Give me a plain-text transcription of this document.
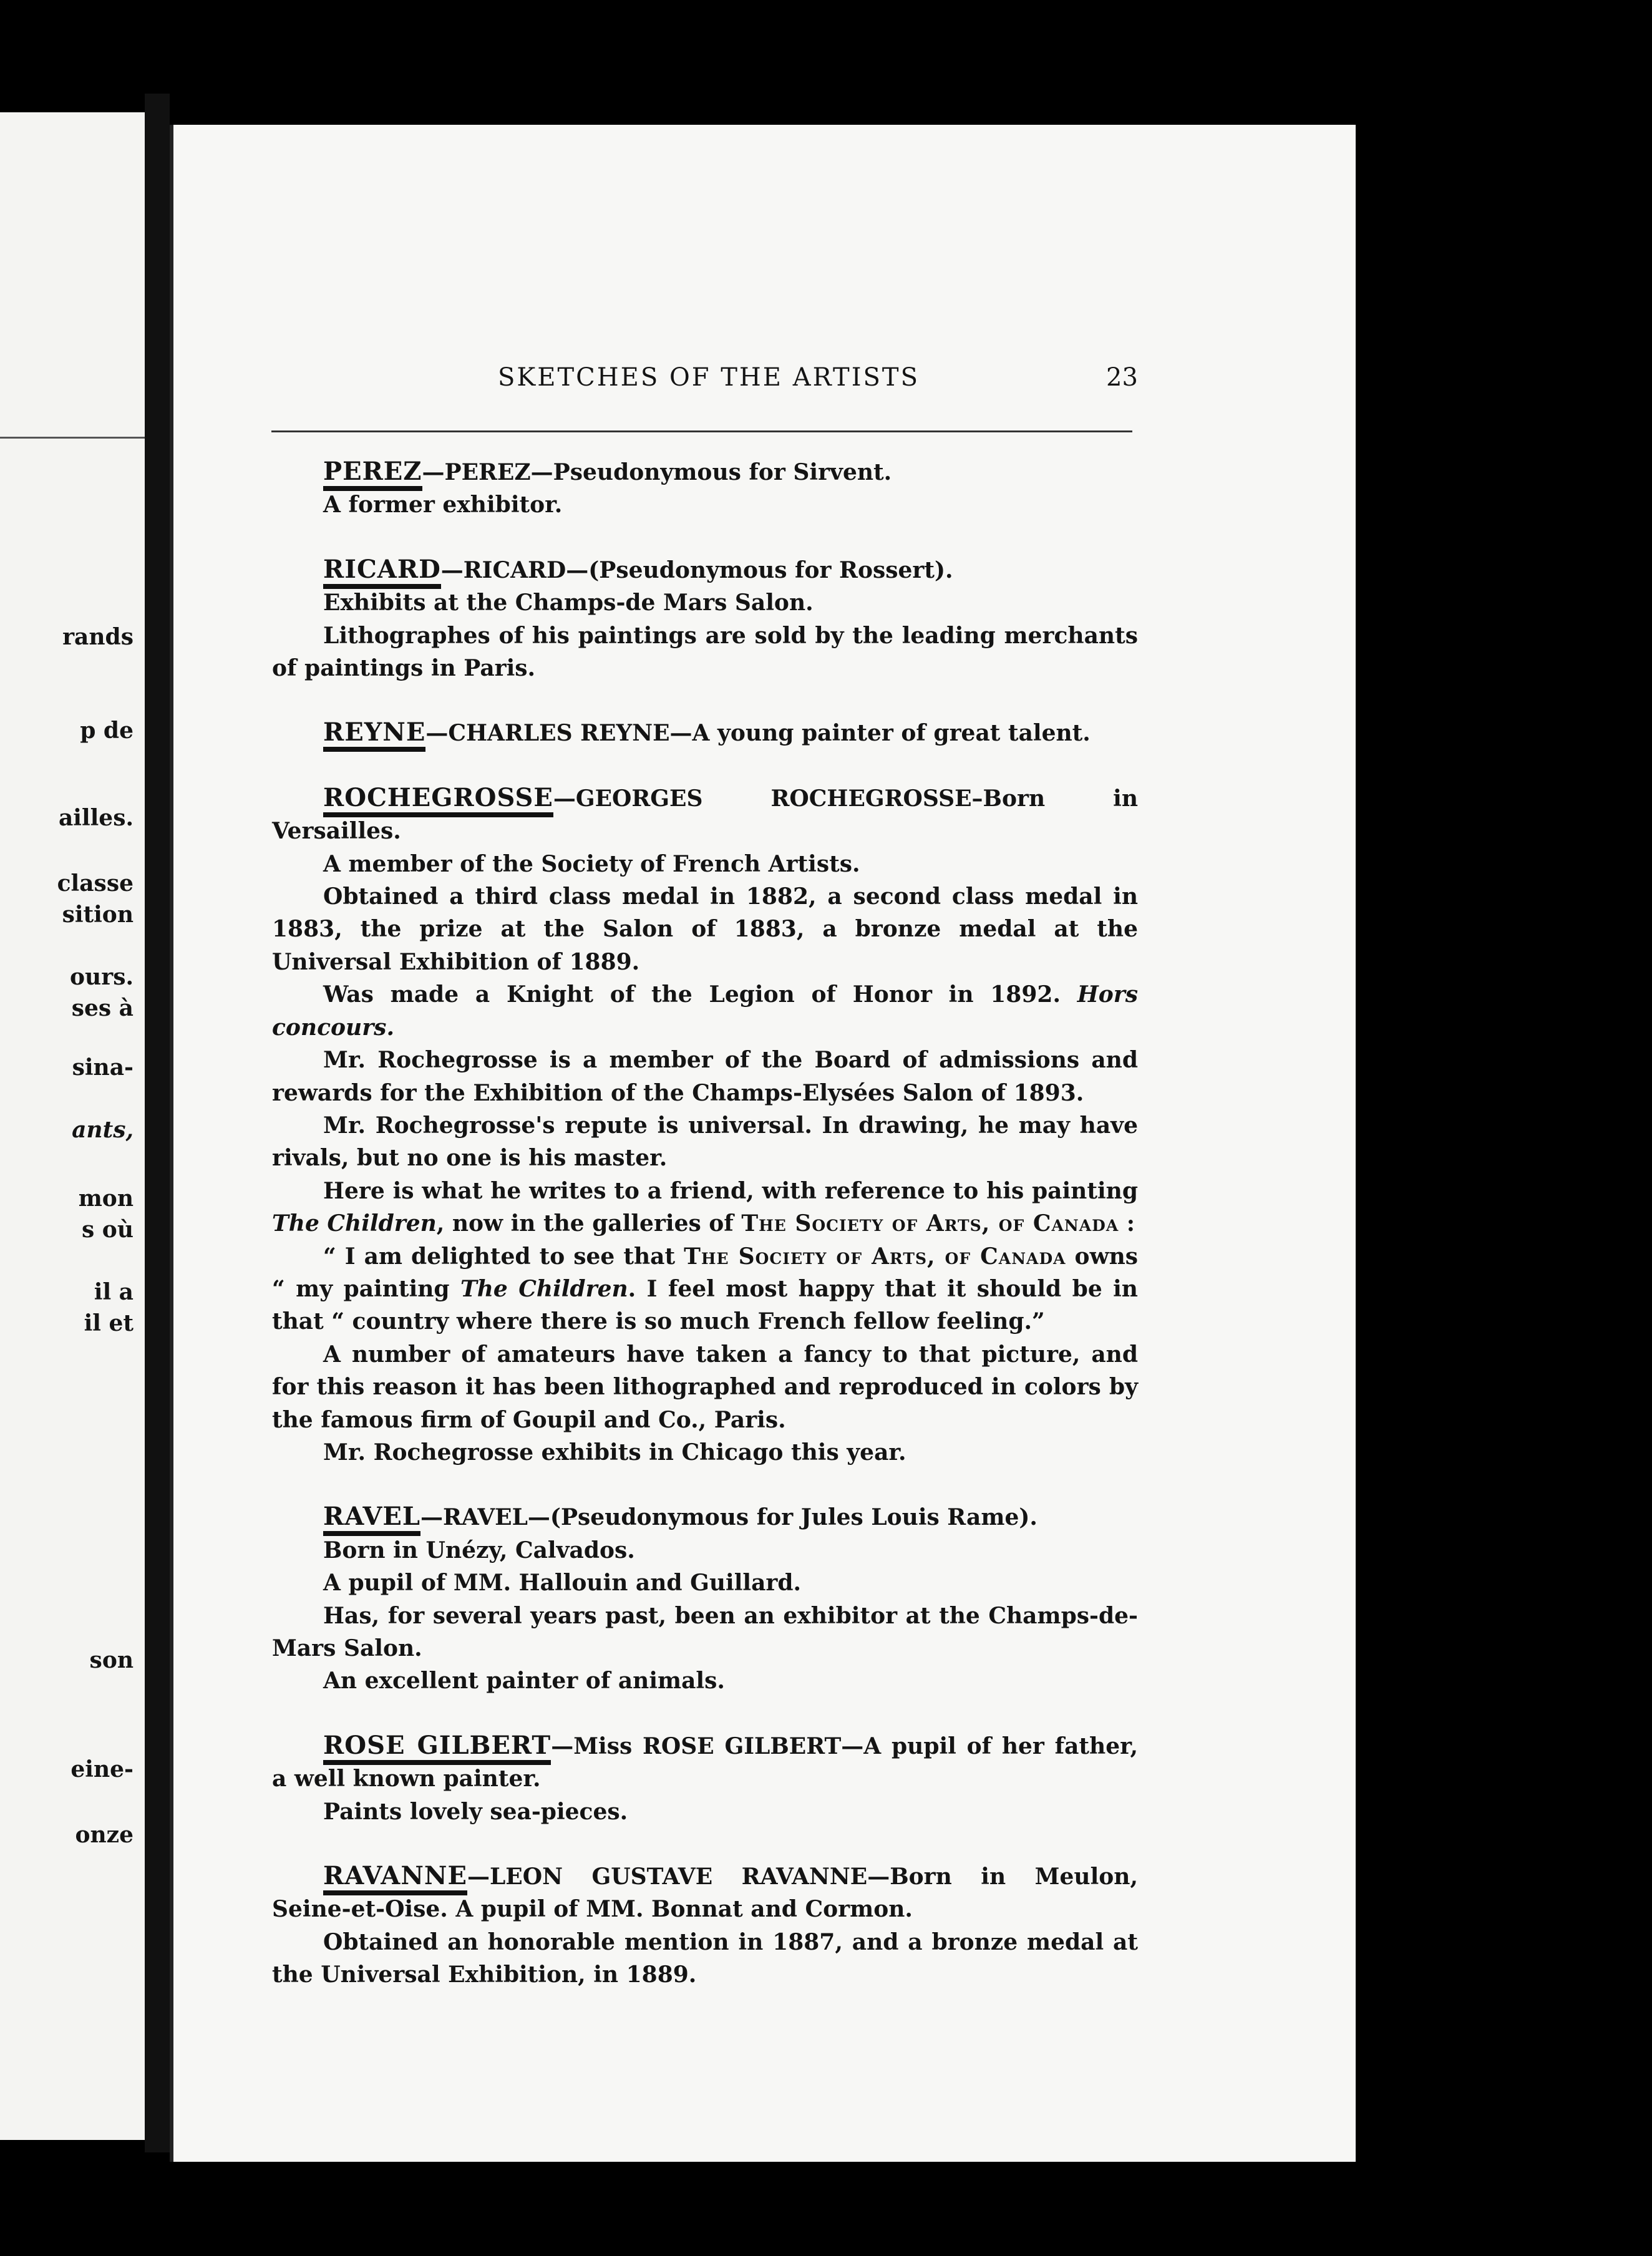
rands
p de
ailles.
classe
sition
ours.
ses à
sina-
ants,
mon
s où
il a
il et
son
eine-
onze
SKETCHES OF THE ARTISTS	23

PEREZ—PEREZ—Pseudonymous for Sirvent.

A former exhibitor.

RICARD—RICARD—(Pseudonymous for Rossert).

Exhibits at the Champs-de Mars Salon.

Lithographes of his paintings are sold by the leading merchants of paintings in Paris.

REYNE—CHARLES REYNE—A young painter of great talent.

ROCHEGROSSE—GEORGES ROCHEGROSSE–Born in Versailles.

A member of the Society of French Artists.

Obtained a third class medal in 1882, a second class medal in 1883, the prize at the Salon of 1883, a bronze medal at the Universal Exhibition of 1889.

Was made a Knight of the Legion of Honor in 1892. Hors concours.

Mr. Rochegrosse is a member of the Board of admissions and rewards for the Exhibition of the Champs-Elysées Salon of 1893.

Mr. Rochegrosse's repute is universal. In drawing, he may have rivals, but no one is his master.

Here is what he writes to a friend, with reference to his painting The Children, now in the galleries of The Society of Arts, of Canada :

“ I am delighted to see that The Society of Arts, of Canada owns “ my painting The Children. I feel most happy that it should be in that “ country where there is so much French fellow feeling.”

A number of amateurs have taken a fancy to that picture, and for this reason it has been lithographed and reproduced in colors by the famous firm of Goupil and Co., Paris.

Mr. Rochegrosse exhibits in Chicago this year.

RAVEL—RAVEL—(Pseudonymous for Jules Louis Rame).

Born in Unézy, Calvados.

A pupil of MM. Hallouin and Guillard.

Has, for several years past, been an exhibitor at the Champs-de-Mars Salon.

An excellent painter of animals.

ROSE GILBERT—Miss ROSE GILBERT—A pupil of her father, a well known painter.

Paints lovely sea-pieces.

RAVANNE—LEON GUSTAVE RAVANNE—Born in Meulon, Seine-et-Oise. A pupil of MM. Bonnat and Cormon.

Obtained an honorable mention in 1887, and a bronze medal at the Universal Exhibition, in 1889.
